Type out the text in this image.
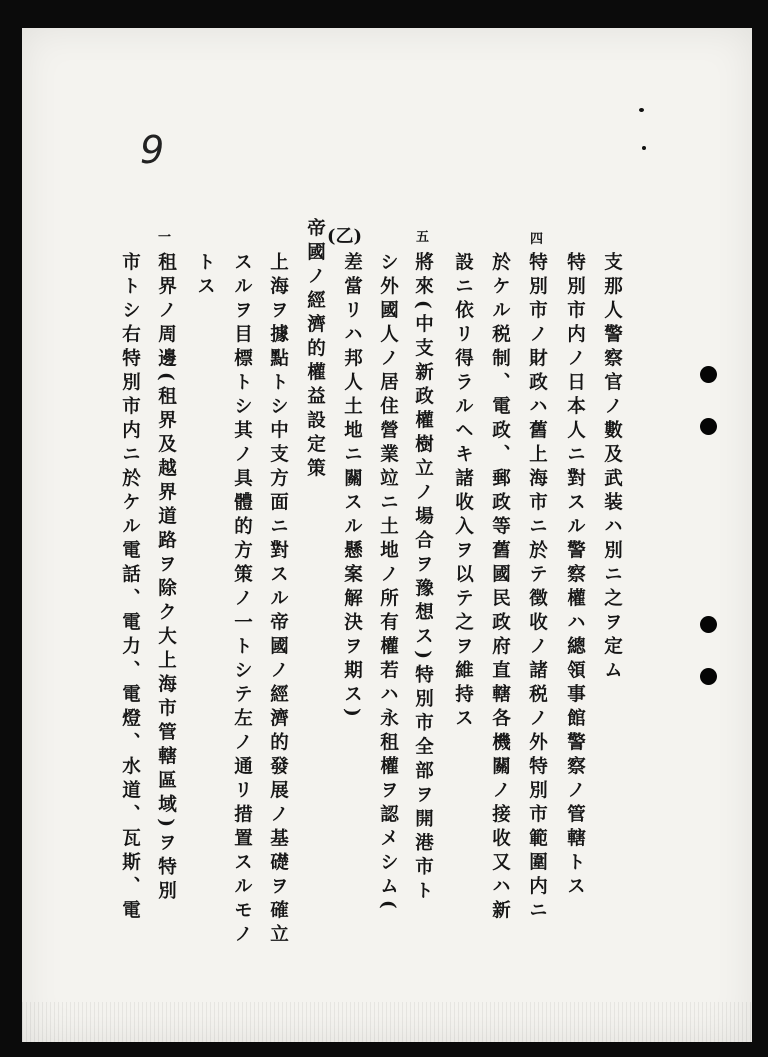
9
支那人警察官ノ數及武装ハ別ニ之ヲ定ム
特別市内ノ日本人ニ對スル警察權ハ總領事館警察ノ管轄トス
四
特別市ノ財政ハ舊上海市ニ於テ徴收ノ諸税ノ外特別市範圍内ニ
於ケル税制、電政、郵政等舊國民政府直轄各機關ノ接收又ハ新
設ニ依リ得ラルヘキ諸收入ヲ以テ之ヲ維持ス
五
將來(中支新政權樹立ノ場合ヲ豫想ス)特別市全部ヲ開港市ト
シ外國人ノ居住營業竝ニ土地ノ所有權若ハ永租權ヲ認メシム(
差當リハ邦人土地ニ關スル懸案解決ヲ期ス)
(乙)
帝國ノ經濟的權益設定策
上海ヲ據點トシ中支方面ニ對スル帝國ノ經濟的發展ノ基礎ヲ確立
スルヲ目標トシ其ノ具體的方策ノ一トシテ左ノ通リ措置スルモノ
トス
一
租界ノ周邊(租界及越界道路ヲ除ク大上海市管轄區域)ヲ特別
市トシ右特別市内ニ於ケル電話、電力、電燈、水道、瓦斯、電
